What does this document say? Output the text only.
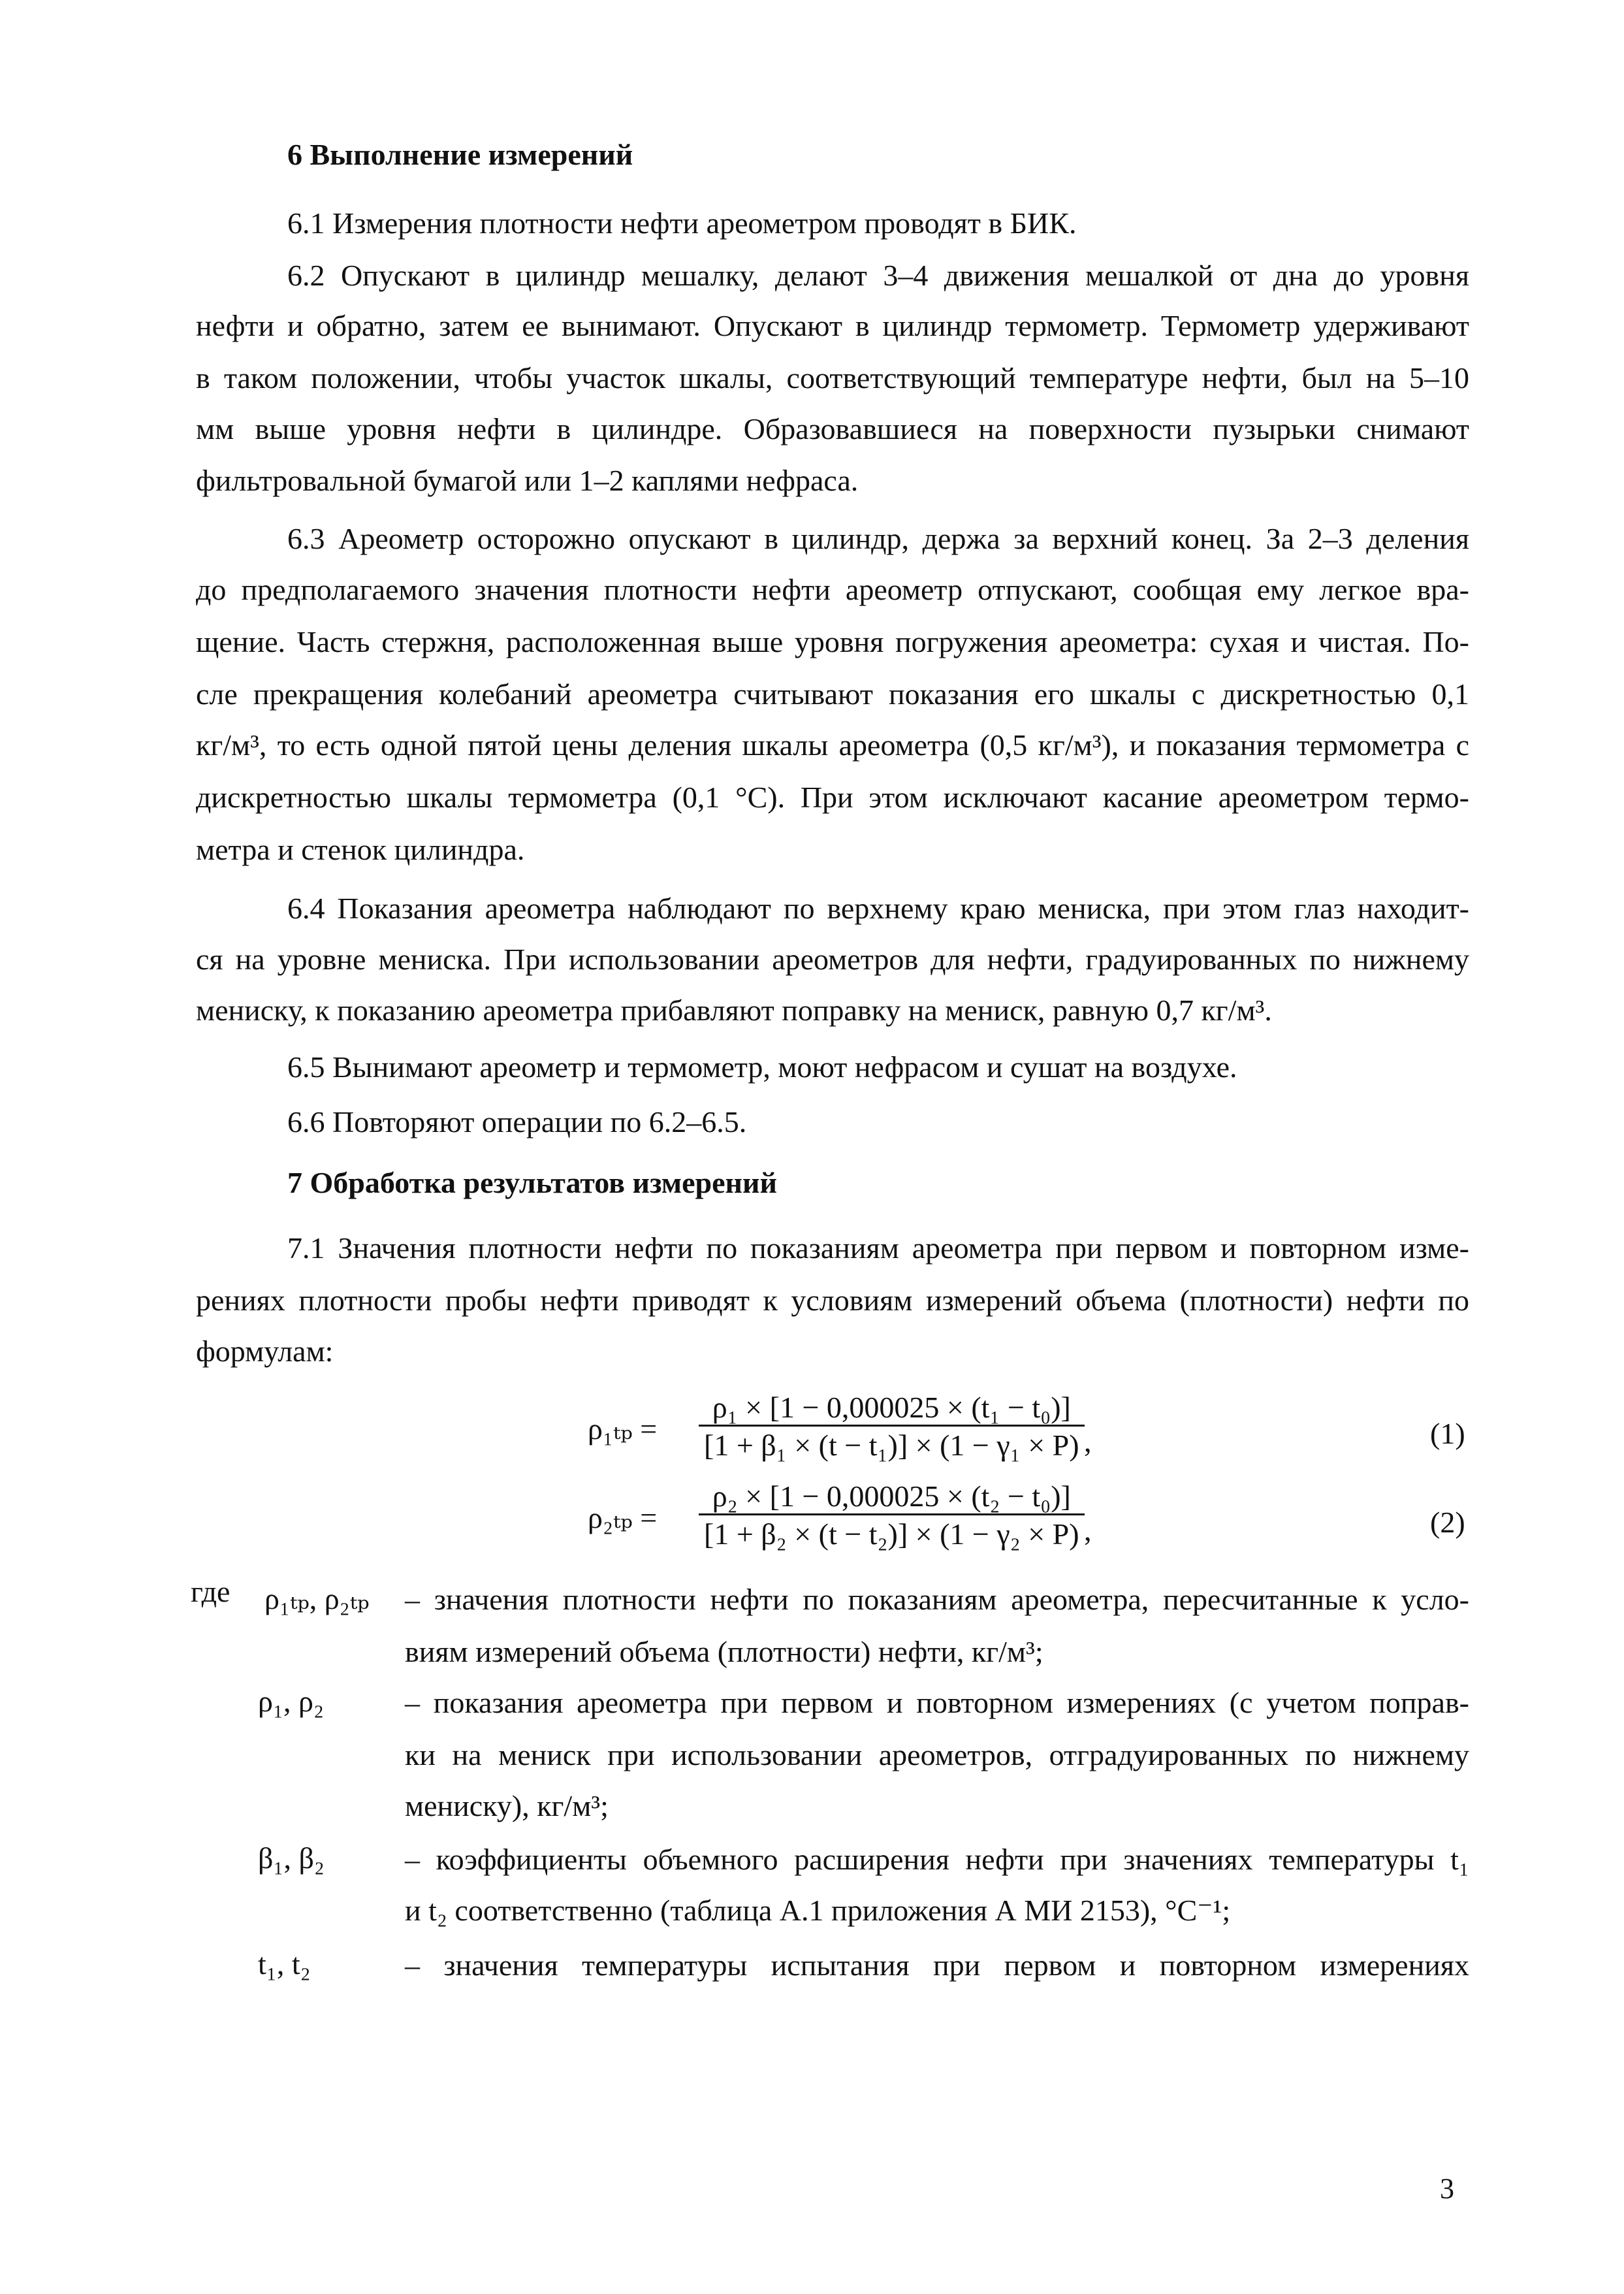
6 Выполнение измерений
6.1 Измерения плотности нефти ареометром проводят в БИК.
6.2 Опускают в цилиндр мешалку, делают 3–4 движения мешалкой от дна до уровня
нефти и обратно, затем ее вынимают. Опускают в цилиндр термометр. Термометр удерживают
в таком положении, чтобы участок шкалы, соответствующий температуре нефти, был на 5–10
мм выше уровня нефти в цилиндре. Образовавшиеся на поверхности пузырьки снимают
фильтровальной бумагой или 1–2 каплями нефраса.
6.3 Ареометр осторожно опускают в цилиндр, держа за верхний конец. За 2–3 деления
до предполагаемого значения плотности нефти ареометр отпускают, сообщая ему легкое вра-
щение. Часть стержня, расположенная выше уровня погружения ареометра: сухая и чистая. По-
сле прекращения колебаний ареометра считывают показания его шкалы с дискретностью 0,1
кг/м³, то есть одной пятой цены деления шкалы ареометра (0,5 кг/м³), и показания термометра с
дискретностью шкалы термометра (0,1 °С). При этом исключают касание ареометром термо-
метра и стенок цилиндра.
6.4 Показания ареометра наблюдают по верхнему краю мениска, при этом глаз находит-
ся на уровне мениска. При использовании ареометров для нефти, градуированных по нижнему
мениску, к показанию ареометра прибавляют поправку на мениск, равную 0,7 кг/м³.
6.5 Вынимают ареометр и термометр, моют нефрасом и сушат на воздухе.
6.6 Повторяют операции по 6.2–6.5.
7 Обработка результатов измерений
7.1 Значения плотности нефти по показаниям ареометра при первом и повторном изме-
рениях плотности пробы нефти приводят к условиям измерений объема (плотности) нефти по
формулам:
$\rho_{1tp} = \frac{\text{ρ₁ × [1 − 0,000025 × (t₁ − t₀)]}}{\text{[1 + β₁ × (t − t₁)] × (1 − γ₁ × P)}}$ ,	(1)
$\rho_{2tp} = \frac{\text{ρ₂ × [1 − 0,000025 × (t₂ − t₀)]}}{\text{[1 + β₂ × (t − t₂)] × (1 − γ₂ × P)}}$ ,	(2)
где ρ₁ₜₚ, ρ₂ₜₚ – значения плотности нефти по показаниям ареометра, пересчитанные к усло-
виям измерений объема (плотности) нефти, кг/м³;
ρ₁, ρ₂	– показания ареометра при первом и повторном измерениях (с учетом поправ-
ки на мениск при использовании ареометров, отградуированных по нижнему
мениску), кг/м³;
β₁, β₂	– коэффициенты объемного расширения нефти при значениях температуры t₁
и t₂ соответственно (таблица А.1 приложения А МИ 2153), °С⁻¹;
t₁, t₂	– значения температуры испытания при первом и повторном измерениях
3
